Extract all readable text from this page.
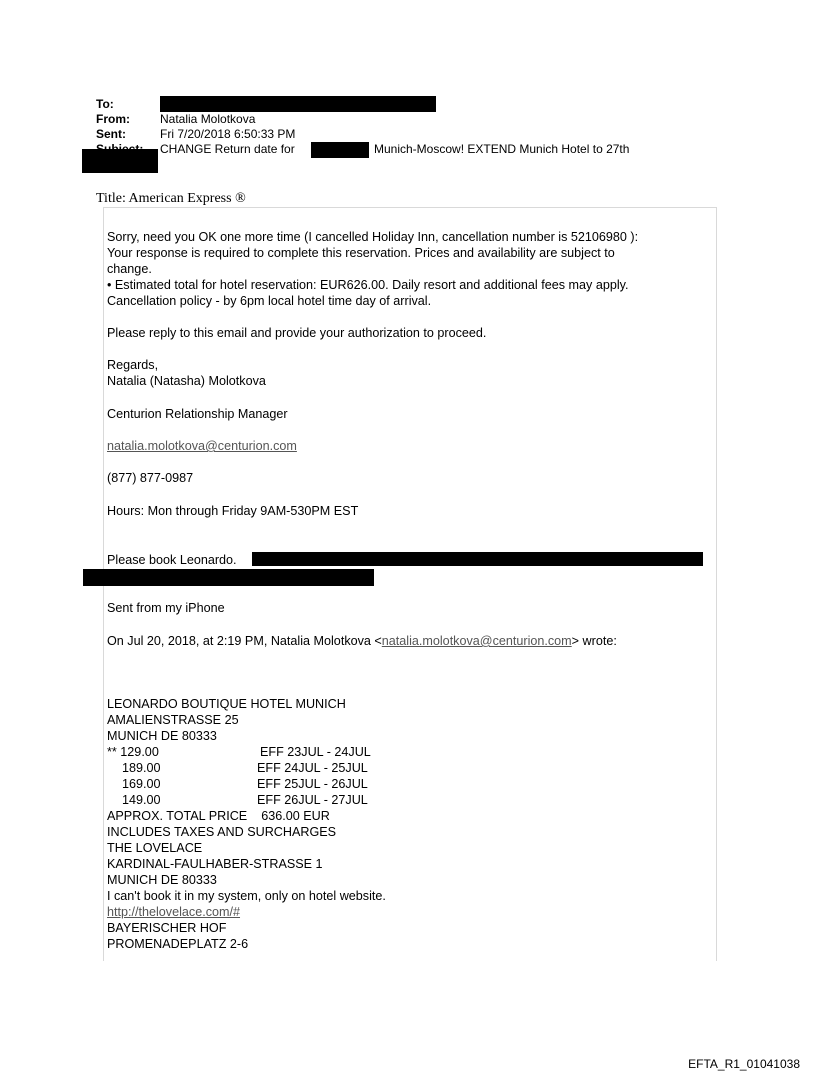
To:
From:	Natalia Molotkova
Sent:	Fri 7/20/2018 6:50:33 PM
CHANGE Return date for	Munich-Moscow! EXTEND Munich Hotel to 27th
Title: American Express ®
Sorry, need you OK one more time (I cancelled Holiday Inn, cancellation number is 52106980 ):
Your response is required to complete this reservation. Prices and availability are subject to
change.
• Estimated total for hotel reservation: EUR626.00. Daily resort and additional fees may apply.
Cancellation policy - by 6pm local hotel time day of arrival.
Please reply to this email and provide your authorization to proceed.
Regards,
Natalia (Natasha) Molotkova
Centurion Relationship Manager
natalia.molotkova@centurion.com
(877) 877-0987
Hours: Mon through Friday 9AM-530PM EST
Please book Leonardo.
Sent from my iPhone
On Jul 20, 2018, at 2:19 PM, Natalia Molotkova <natalia.molotkova@centurion.com> wrote:
LEONARDO BOUTIQUE HOTEL MUNICH
AMALIENSTRASSE 25
MUNICH DE 80333
** 129.00	EFF 23JUL - 24JUL
189.00	EFF 24JUL - 25JUL
169.00	EFF 25JUL - 26JUL
149.00	EFF 26JUL - 27JUL
APPROX. TOTAL PRICE    636.00 EUR
INCLUDES TAXES AND SURCHARGES
THE LOVELACE
KARDINAL-FAULHABER-STRASSE 1
MUNICH DE 80333
I can't book it in my system, only on hotel website.
http://thelovelace.com/#
BAYERISCHER HOF
PROMENADEPLATZ 2-6
EFTA_R1_01041038
